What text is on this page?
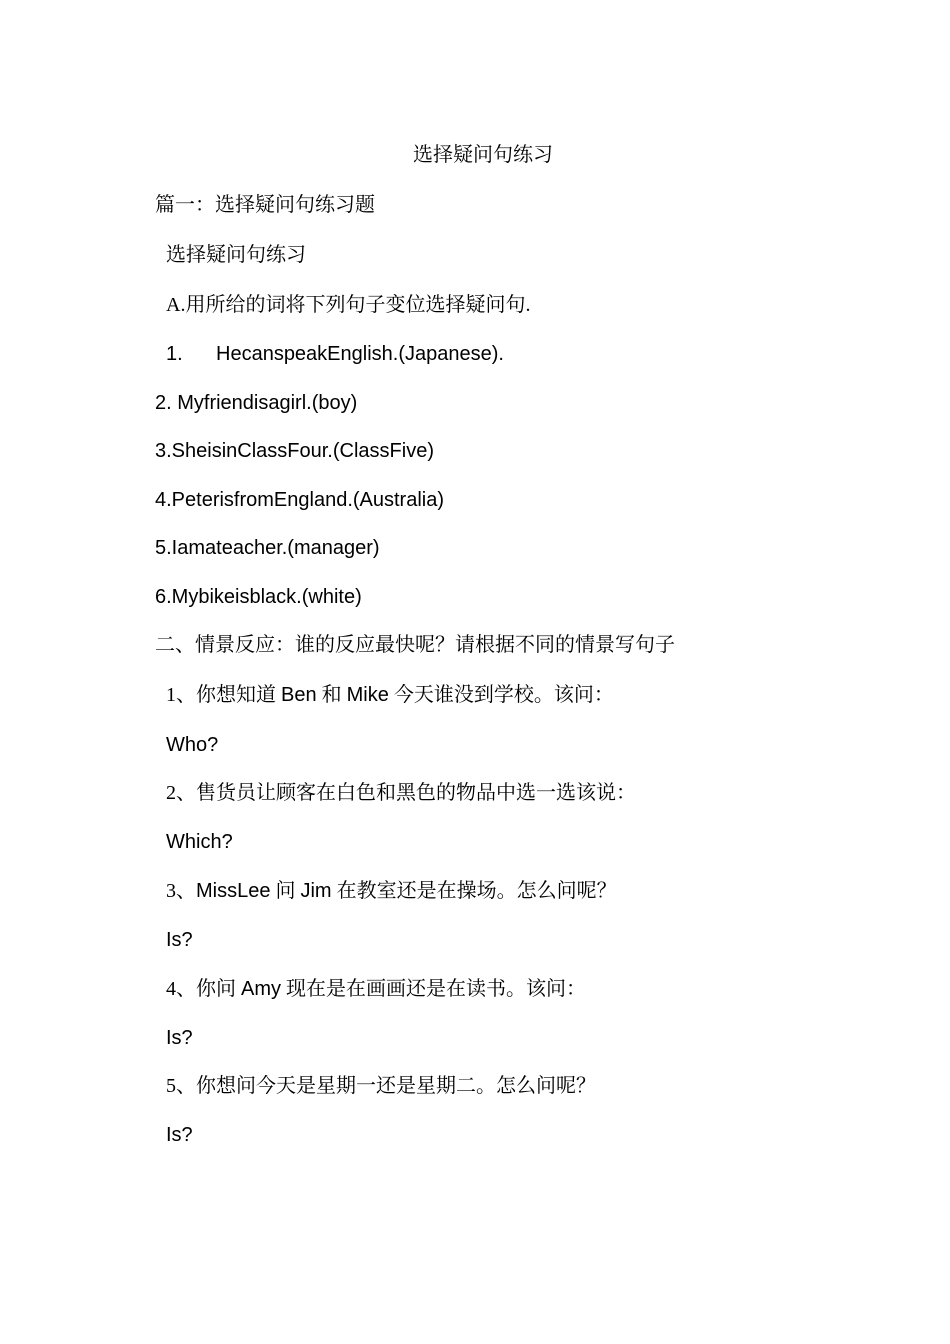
选择疑问句练习
篇一：选择疑问句练习题
选择疑问句练习
A.用所给的词将下列句子变位选择疑问句.
1. HecanspeakEnglish.(Japanese).
2. Myfriendisagirl.(boy)
3.SheisinClassFour.(ClassFive)
4.PeterisfromEngland.(Australia)
5.Iamateacher.(manager)
6.Mybikeisblack.(white)
二、情景反应：谁的反应最快呢？请根据不同的情景写句子
1、你想知道 Ben 和 Mike 今天谁没到学校。该问：
Who?
2、售货员让顾客在白色和黑色的物品中选一选该说：
Which?
3、MissLee 问 Jim 在教室还是在操场。怎么问呢？
Is?
4、你问 Amy 现在是在画画还是在读书。该问：
Is?
5、你想问今天是星期一还是星期二。怎么问呢？
Is?
